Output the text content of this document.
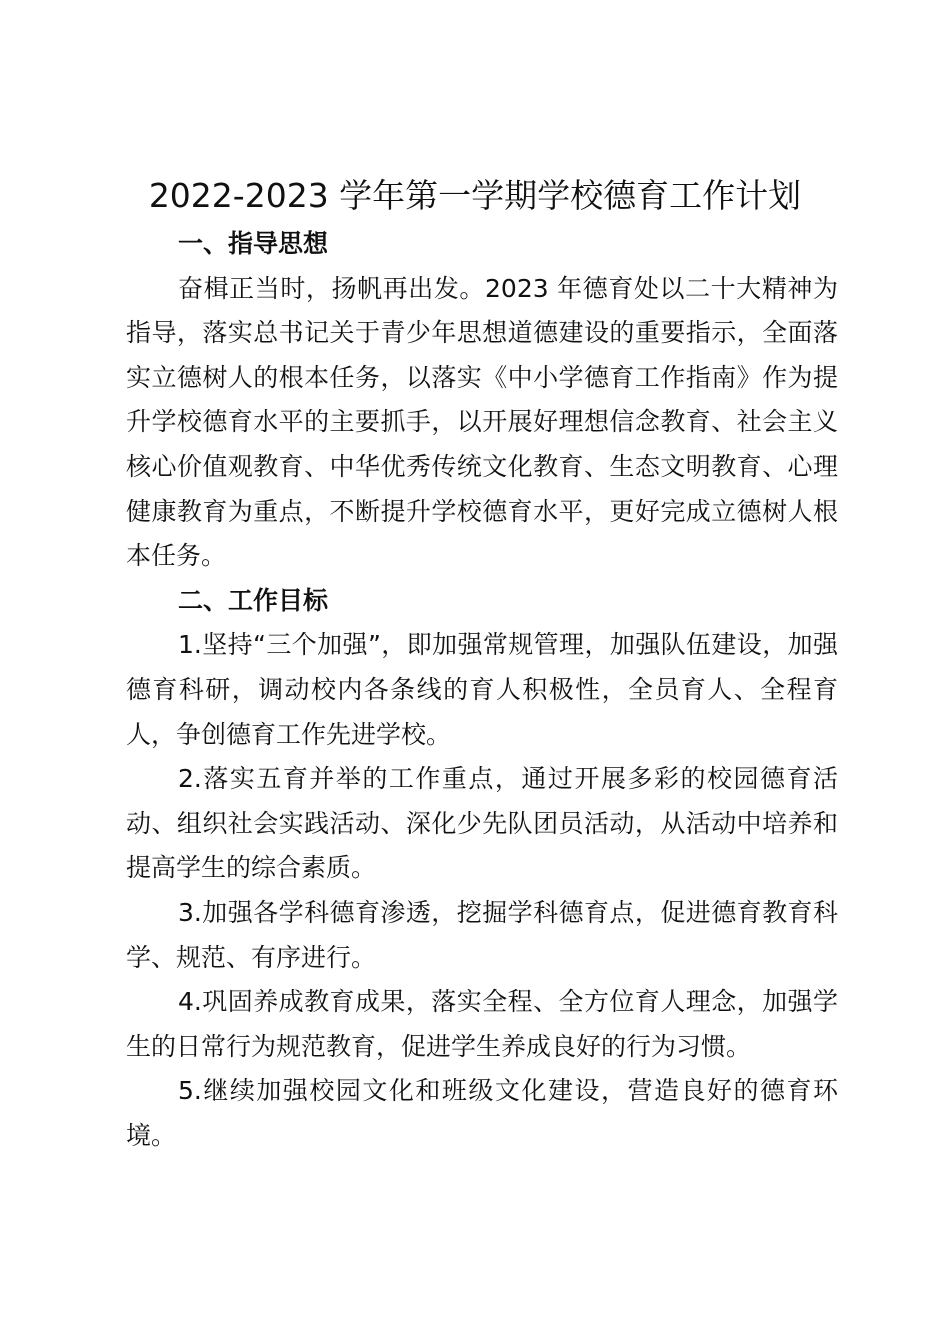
2022-2023 学年第一学期学校德育工作计划

一、指导思想

奋楫正当时，扬帆再出发。2023 年德育处以二十大精神为指导，落实总书记关于青少年思想道德建设的重要指示，全面落实立德树人的根本任务，以落实《中小学德育工作指南》作为提升学校德育水平的主要抓手，以开展好理想信念教育、社会主义核心价值观教育、中华优秀传统文化教育、生态文明教育、心理健康教育为重点，不断提升学校德育水平，更好完成立德树人根本任务。

二、工作目标

1.坚持“三个加强”，即加强常规管理，加强队伍建设，加强德育科研，调动校内各条线的育人积极性，全员育人、全程育人，争创德育工作先进学校。

2.落实五育并举的工作重点，通过开展多彩的校园德育活动、组织社会实践活动、深化少先队团员活动，从活动中培养和提高学生的综合素质。

3.加强各学科德育渗透，挖掘学科德育点，促进德育教育科学、规范、有序进行。

4.巩固养成教育成果，落实全程、全方位育人理念，加强学生的日常行为规范教育，促进学生养成良好的行为习惯。

5.继续加强校园文化和班级文化建设，营造良好的德育环境。
